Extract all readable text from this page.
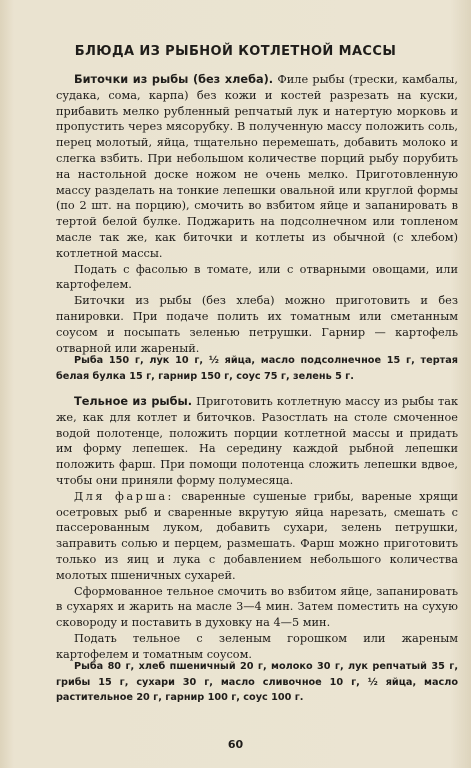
БЛЮДА ИЗ РЫБНОЙ КОТЛЕТНОЙ МАССЫ

Биточки из рыбы (без хлеба). Филе рыбы (трески, камбалы, судака, сома, карпа) без кожи и костей разрезать на куски, прибавить мелко рубленный репчатый лук и натертую морковь и пропустить через мясорубку. В полученную массу положить соль, перец молотый, яйца, тщательно перемешать, добавить молоко и слегка взбить. При небольшом количестве порций рыбу порубить на настольной доске ножом не очень мелко. Приготовленную массу разделать на тонкие лепешки овальной или круглой формы (по 2 шт. на порцию), смочить во взбитом яйце и запанировать в тертой белой булке. Поджарить на подсолнечном или топленом масле так же, как биточки и котлеты из обычной (с хлебом) котлетной массы.

Подать с фасолью в томате, или с отварными овощами, или картофелем.

Биточки из рыбы (без хлеба) можно приготовить и без панировки. При подаче полить их томатным или сметанным соусом и посыпать зеленью петрушки. Гарнир — картофель отварной или жареный.

Рыба 150 г, лук 10 г, ½ яйца, масло подсолнечное 15 г, тертая белая булка 15 г, гарнир 150 г, соус 75 г, зелень 5 г.

Тельное из рыбы. Приготовить котлетную массу из рыбы так же, как для котлет и биточков. Разостлать на столе смоченное водой полотенце, положить порции котлетной массы и придать им форму лепешек. На середину каждой рыбной лепешки положить фарш. При помощи полотенца сложить лепешки вдвое, чтобы они приняли форму полумесяца.

Для фарша: сваренные сушеные грибы, вареные хрящи осетровых рыб и сваренные вкрутую яйца нарезать, смешать с пассерованным луком, добавить сухари, зелень петрушки, заправить солью и перцем, размешать. Фарш можно приготовить только из яиц и лука с добавлением небольшого количества молотых пшеничных сухарей.

Сформованное тельное смочить во взбитом яйце, запанировать в сухарях и жарить на масле 3—4 мин. Затем поместить на сухую сковороду и поставить в духовку на 4—5 мин.

Подать тельное с зеленым горошком или жареным картофелем и томатным соусом.

Рыба 80 г, хлеб пшеничный 20 г, молоко 30 г, лук репчатый 35 г, грибы 15 г, сухари 30 г, масло сливочное 10 г, ½ яйца, масло растительное 20 г, гарнир 100 г, соус 100 г.

60
